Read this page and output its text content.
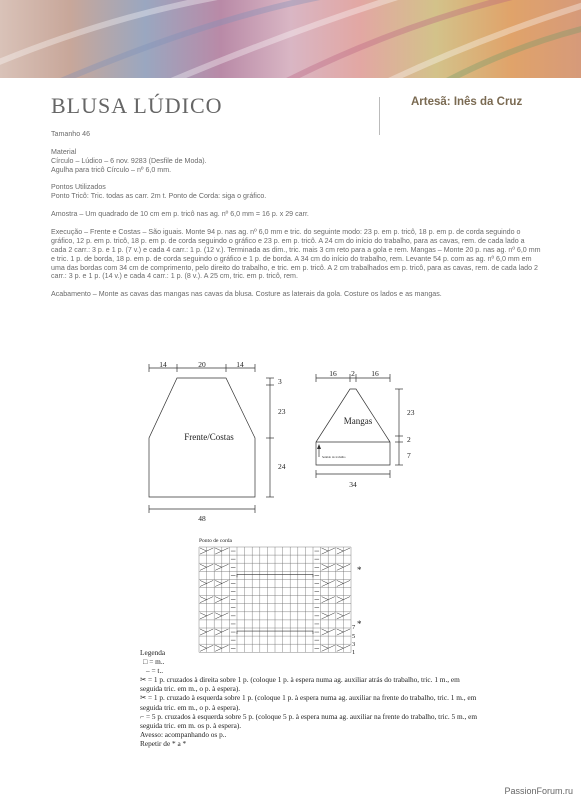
BLUSA LÚDICO	Artesã: Inês da Cruz

Tamanho 46

Material

Círculo – Lúdico – 6 nov. 9283 (Desfile de Moda).

Agulha para tricô Círculo – nº 6,0 mm.

Pontos Utilizados

Ponto Tricô: Tric. todas as carr. 2m t. Ponto de Corda: siga o gráfico.

Amostra – Um quadrado de 10 cm em p. tricô nas ag. nº 6,0 mm = 16 p. x 29 carr.

Execução – Frente e Costas – São iguais. Monte 94 p. nas ag. nº 6,0 mm e tric. do seguinte modo: 23 p. em p. tricô, 18 p. em p. de corda seguindo o gráfico, 12 p. em p. tricô, 18 p. em p. de corda seguindo o gráfico e 23 p. em p. tricô. A 24 cm do início do trabalho, para as cavas, rem. de cada lado a cada 2 carr.: 3 p. e 1 p. (7 v.) e cada 4 carr.: 1 p. (12 v.). Terminada as dim., tric. mais 3 cm reto para a gola e rem. Mangas – Monte 20 p. nas ag. nº 6,0 mm e tric. 1 p. de borda, 18 p. em p. de corda seguindo o gráfico e 1 p. de borda. A 34 cm do início do trabalho, rem. Levante 54 p. com as ag. nº 6,0 mm em uma das bordas com 34 cm de comprimento, pelo direito do trabalho, e tric. em p. tricô. A 2 cm trabalhados em p. tricô, para as cavas, rem. de cada lado 2 carr.: 3 p. e 1 p. (14 v.) e cada 4 carr.: 1 p. (8 v.). A 25 cm, tric. em p. tricô, rem.

Acabamento – Monte as cavas das mangas nas cavas da blusa. Costure as laterais da gola. Costure os lados e as mangas.

14	20	14
3
23
24
48
Frente/Costas
16 2 16
23
2
7
34
Mangas
Sentido do trabalho
Ponto de corda
*
*
7
5
3
1

Legenda

□ = m..

– = t..

✂︎ = 1 p. cruzados à direita sobre 1 p. (coloque 1 p. à espera numa ag. auxiliar atrás do trabalho, tric. 1 m., em seguida tric. em m., o p. à espera).

✂︎ = 1 p. cruzado à esquerda sobre 1 p. (coloque 1 p. à espera numa ag. auxiliar na frente do trabalho, tric. 1 m., em seguida tric. em m., o p. à espera).

⌐ = 5 p. cruzados à esquerda sobre 5 p. (coloque 5 p. à espera numa ag. auxiliar na frente do trabalho, tric. 5 m., em seguida tric. em m. os p. à espera).

Avesso: acompanhando os p..

Repetir de * a *

PassionForum.ru
